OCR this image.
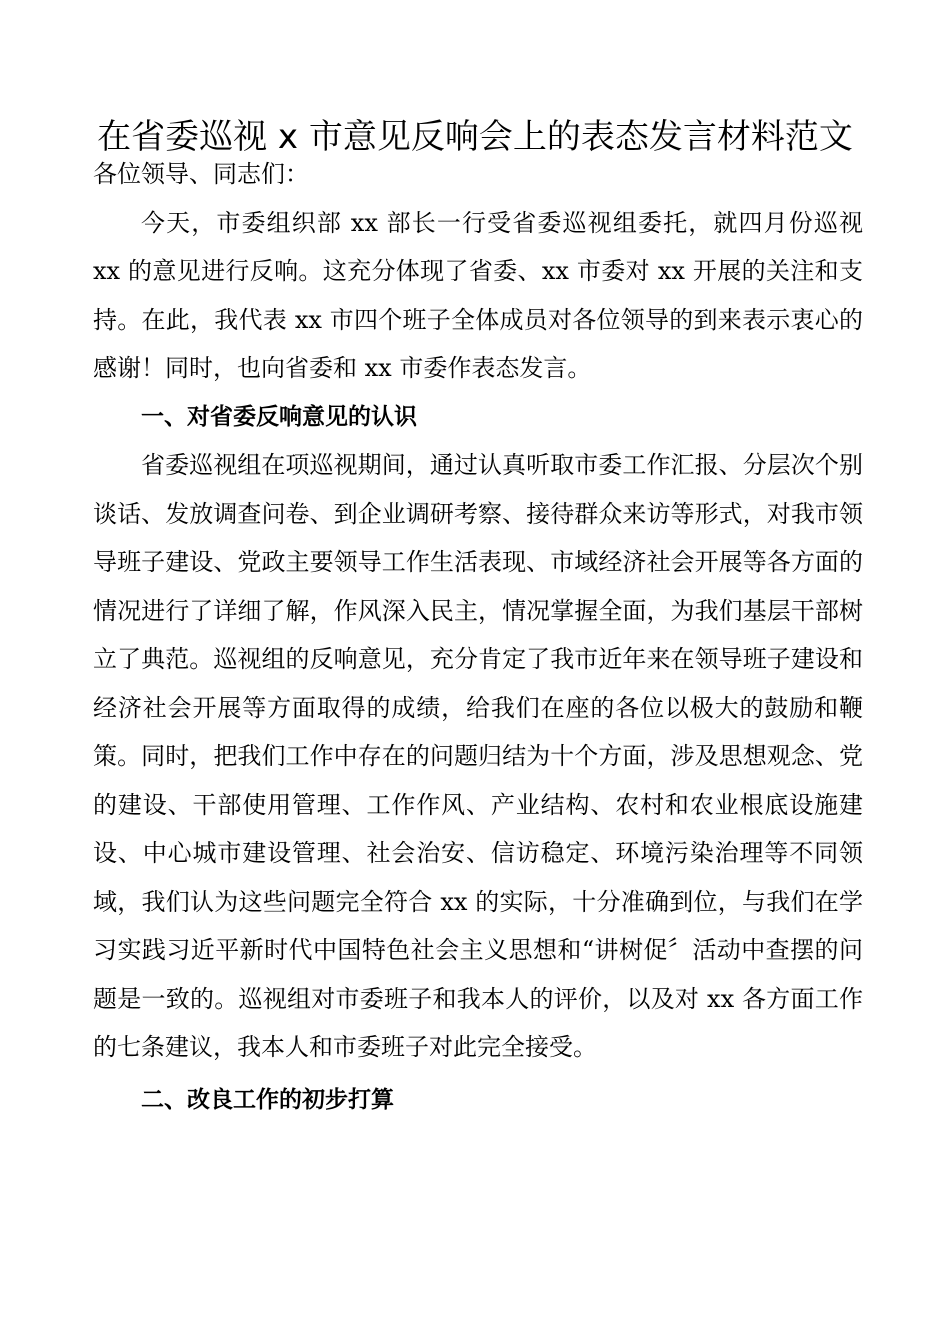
在省委巡视 x 市意见反响会上的表态发言材料范文

各位领导、同志们：

今天，市委组织部 xx 部长一行受省委巡视组委托，就四月份巡视 xx 的意见进行反响。这充分体现了省委、xx 市委对 xx 开展的关注和支持。在此，我代表 xx 市四个班子全体成员对各位领导的到来表示衷心的感谢！同时，也向省委和 xx 市委作表态发言。

一、对省委反响意见的认识

省委巡视组在项巡视期间，通过认真听取市委工作汇报、分层次个别谈话、发放调查问卷、到企业调研考察、接待群众来访等形式，对我市领导班子建设、党政主要领导工作生活表现、市域经济社会开展等各方面的情况进行了详细了解，作风深入民主，情况掌握全面，为我们基层干部树立了典范。巡视组的反响意见，充分肯定了我市近年来在领导班子建设和经济社会开展等方面取得的成绩，给我们在座的各位以极大的鼓励和鞭策。同时，把我们工作中存在的问题归结为十个方面，涉及思想观念、党的建设、干部使用管理、工作作风、产业结构、农村和农业根底设施建设、中心城市建设管理、社会治安、信访稳定、环境污染治理等不同领域，我们认为这些问题完全符合 xx 的实际，十分准确到位，与我们在学习实践习近平新时代中国特色社会主义思想和“讲树促〞活动中查摆的问题是一致的。巡视组对市委班子和我本人的评价，以及对 xx 各方面工作的七条建议，我本人和市委班子对此完全接受。

二、改良工作的初步打算
